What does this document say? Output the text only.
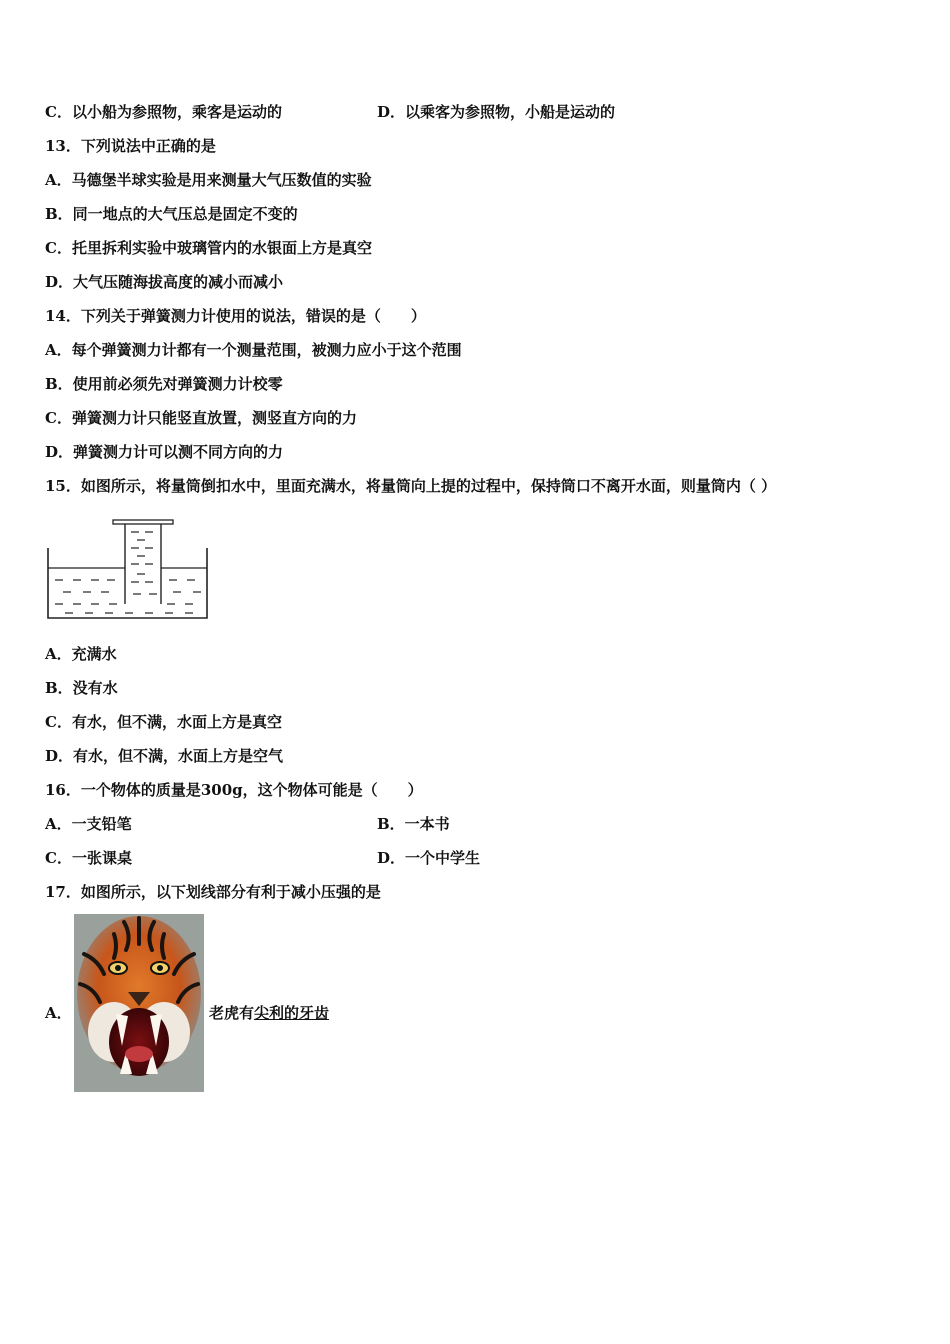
C．以小船为参照物，乘客是运动的	D．以乘客为参照物，小船是运动的
13．下列说法中正确的是
A．马德堡半球实验是用来测量大气压数值的实验
B．同一地点的大气压总是固定不变的
C．托里拆利实验中玻璃管内的水银面上方是真空
D．大气压随海拔高度的减小而减小
14．下列关于弹簧测力计使用的说法，错误的是（　　）
A．每个弹簧测力计都有一个测量范围，被测力应小于这个范围
B．使用前必须先对弹簧测力计校零
C．弹簧测力计只能竖直放置，测竖直方向的力
D．弹簧测力计可以测不同方向的力
15．如图所示，将量筒倒扣水中，里面充满水，将量筒向上提的过程中，保持筒口不离开水面，则量筒内（ ）
A．充满水
B．没有水
C．有水，但不满，水面上方是真空
D．有水，但不满，水面上方是空气
16．一个物体的质量是300g，这个物体可能是（　　）
A．一支铅笔	B．一本书
C．一张课桌	D．一个中学生
17．如图所示，以下划线部分有利于减小压强的是
A．	老虎有尖利的牙齿
